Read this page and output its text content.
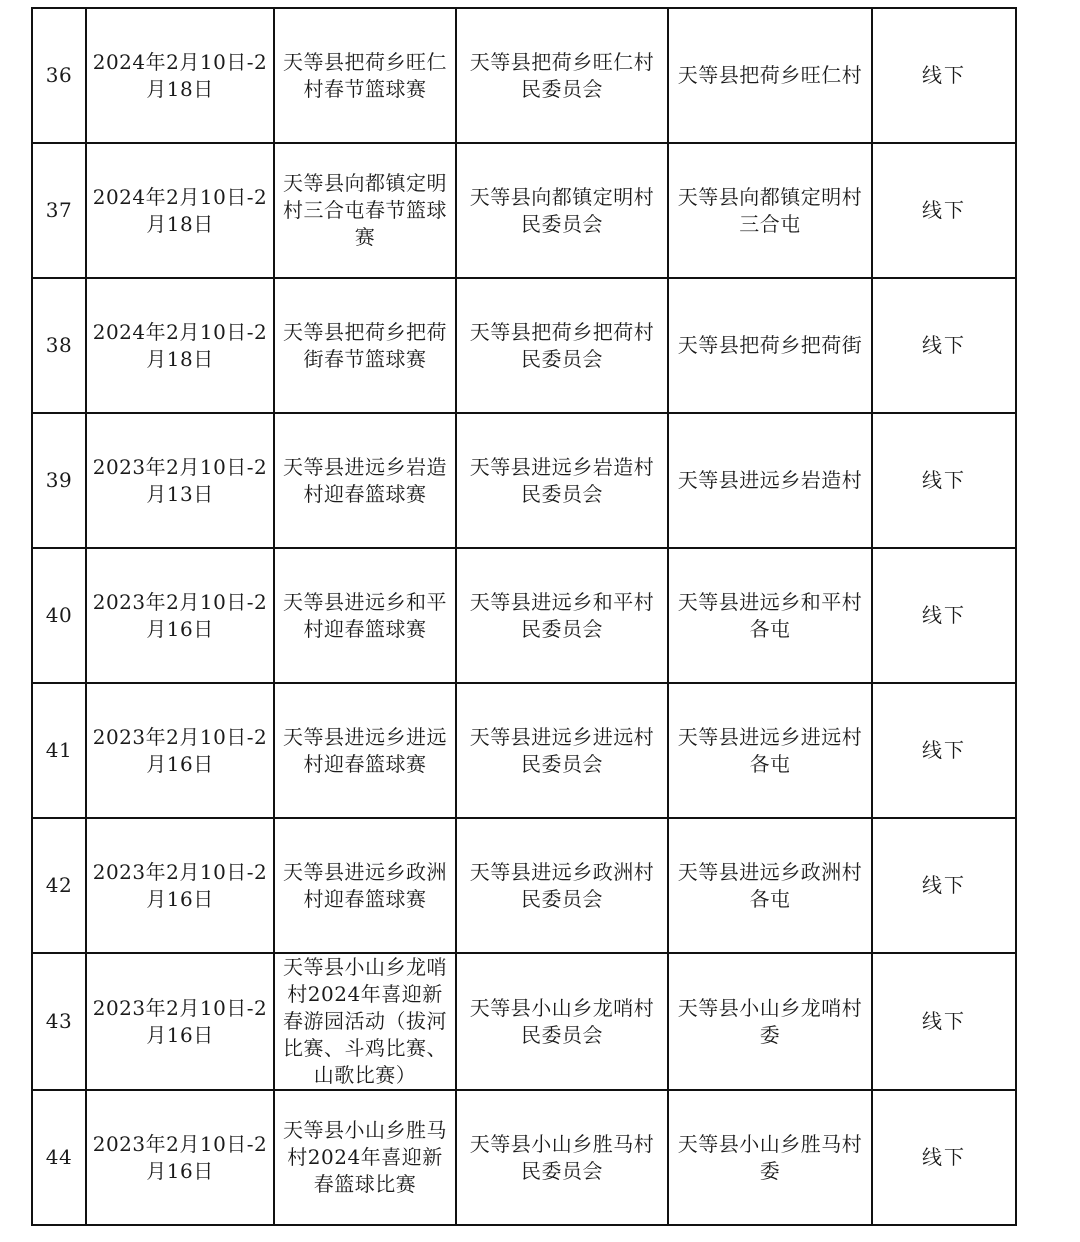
36	2024年2月10日-2月18日	天等县把荷乡旺仁村春节篮球赛	天等县把荷乡旺仁村民委员会	天等县把荷乡旺仁村	线下
37	2024年2月10日-2月18日	天等县向都镇定明村三合屯春节篮球赛	天等县向都镇定明村民委员会	天等县向都镇定明村三合屯	线下
38	2024年2月10日-2月18日	天等县把荷乡把荷街春节篮球赛	天等县把荷乡把荷村民委员会	天等县把荷乡把荷街	线下
39	2023年2月10日-2月13日	天等县进远乡岩造村迎春篮球赛	天等县进远乡岩造村民委员会	天等县进远乡岩造村	线下
40	2023年2月10日-2月16日	天等县进远乡和平村迎春篮球赛	天等县进远乡和平村民委员会	天等县进远乡和平村各屯	线下
41	2023年2月10日-2月16日	天等县进远乡进远村迎春篮球赛	天等县进远乡进远村民委员会	天等县进远乡进远村各屯	线下
42	2023年2月10日-2月16日	天等县进远乡政洲村迎春篮球赛	天等县进远乡政洲村民委员会	天等县进远乡政洲村各屯	线下
43	2023年2月10日-2月16日	天等县小山乡龙哨村2024年喜迎新春游园活动（拔河比赛、斗鸡比赛、山歌比赛）	天等县小山乡龙哨村民委员会	天等县小山乡龙哨村委	线下
44	2023年2月10日-2月16日	天等县小山乡胜马村2024年喜迎新春篮球比赛	天等县小山乡胜马村民委员会	天等县小山乡胜马村委	线下
